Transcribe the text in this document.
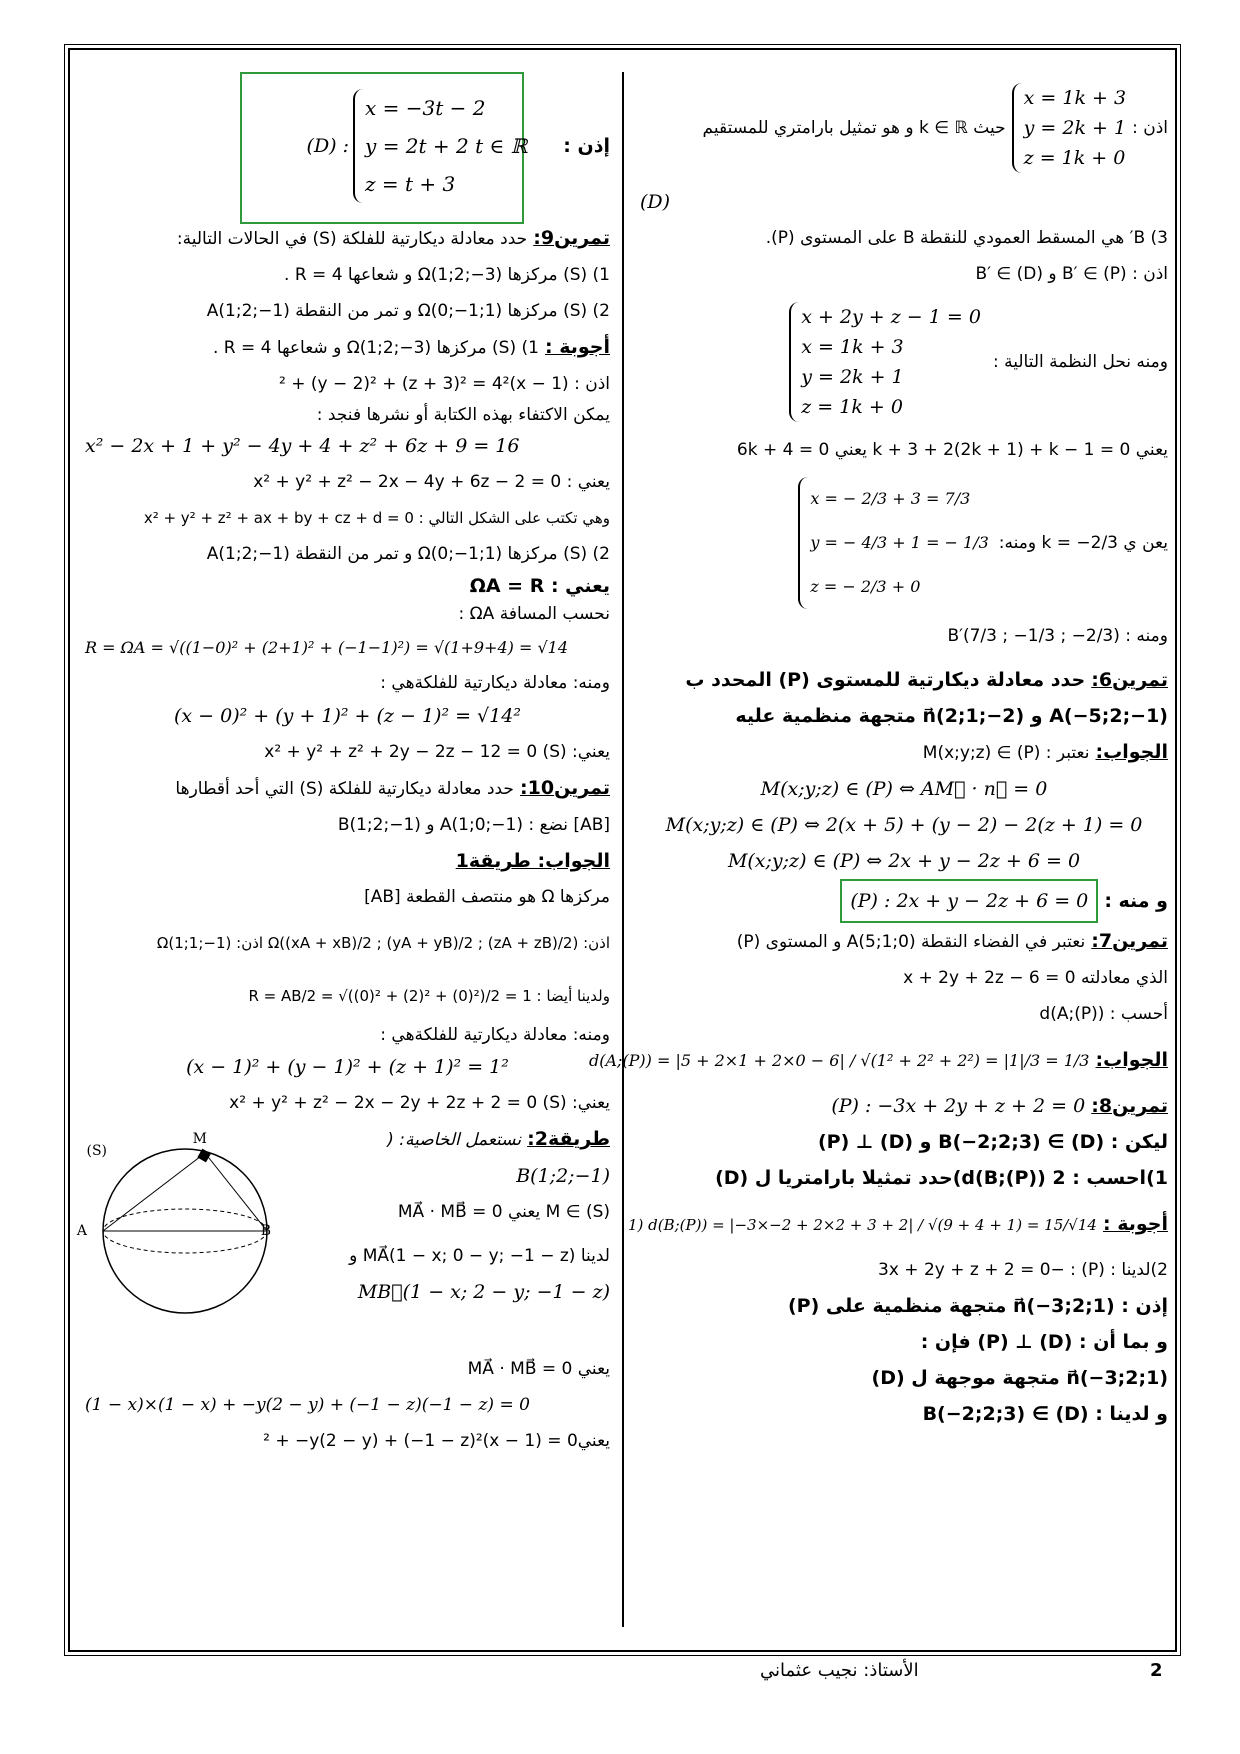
اذن :
x = 1k + 3
y = 2k + 1
z = 1k + 0
حيث k ∈ ℝ و هو تمثيل بارامتري للمستقيم
(D)
3) B′ هي المسقط العمودي للنقطة B على المستوى (P).
اذن : B′ ∈ (P) و B′ ∈ (D)
ومنه نحل النظمة التالية :
x + 2y + z − 1 = 0
x = 1k + 3
y = 2k + 1
z = 1k + 0
يعني k + 3 + 2(2k + 1) + k − 1 = 0 يعني 6k + 4 = 0
يعن ي k = −2/3 ومنه:
x = − 2/3 + 3 = 7/3
y = − 4/3 + 1 = − 1/3
z = − 2/3 + 0
ومنه : B′(7/3 ; −1/3 ; −2/3)
تمرين6: حدد معادلة ديكارتية للمستوى (P) المحدد ب
A(−5;2;−1) و n⃗(2;1;−2) متجهة منظمية عليه
الجواب: نعتبر : M(x;y;z) ∈ (P)
M(x;y;z) ∈ (P) ⇔ AM⃗ · n⃗ = 0
M(x;y;z) ∈ (P) ⇔ 2(x + 5) + (y − 2) − 2(z + 1) = 0
M(x;y;z) ∈ (P) ⇔ 2x + y − 2z + 6 = 0
و منه : (P) : 2x + y − 2z + 6 = 0
تمرين7: نعتبر في الفضاء النقطة A(5;1;0) و المستوى (P)
الذي معادلته x + 2y + 2z − 6 = 0
أحسب : d(A;(P))
الجواب: d(A;(P)) = |5 + 2×1 + 2×0 − 6| / √(1² + 2² + 2²) = |1|/3 = 1/3
تمرين8: (P) : −3x + 2y + z + 2 = 0
ليكن : B(−2;2;3) ∈ (D) و (D) ⊥ (P)
1)احسب : d(B;(P)) 2)حدد تمثيلا بارامتريا ل (D)
أجوبة : 1) d(B;(P)) = |−3×−2 + 2×2 + 3 + 2| / √(9 + 4 + 1) = 15/√14
2)لدينا : (P) : −3x + 2y + z + 2 = 0
إذن : n⃗(−3;2;1) متجهة منظمية على (P)
و بما أن : (D) ⊥ (P) فإن :
n⃗(−3;2;1) متجهة موجهة ل (D)
و لدينا : B(−2;2;3) ∈ (D)
إذن :
x = −3t − 2
y = 2t + 2 t ∈ ℝ
z = t + 3
(D) :
تمرين9: حدد معادلة ديكارتية للفلكة (S) في الحالات التالية:
1) (S) مركزها Ω(1;2;−3) و شعاعها R = 4 .
2) (S) مركزها Ω(0;−1;1) و تمر من النقطة A(1;2;−1)
أجوبة : 1) (S) مركزها Ω(1;2;−3) و شعاعها R = 4 .
اذن : (x − 1)² + (y − 2)² + (z + 3)² = 4²
يمكن الاكتفاء بهذه الكتابة أو نشرها فنجد :
x² − 2x + 1 + y² − 4y + 4 + z² + 6z + 9 = 16
يعني : x² + y² + z² − 2x − 4y + 6z − 2 = 0
وهي تكتب على الشكل التالي : x² + y² + z² + ax + by + cz + d = 0
2) (S) مركزها Ω(0;−1;1) و تمر من النقطة A(1;2;−1)
يعني : ΩA = R
نحسب المسافة ΩA :
R = ΩA = √((1−0)² + (2+1)² + (−1−1)²) = √(1+9+4) = √14
ومنه: معادلة ديكارتية للفلكةهي :
(x − 0)² + (y + 1)² + (z − 1)² = √14²
يعني: (S) x² + y² + z² + 2y − 2z − 12 = 0
تمرين10: حدد معادلة ديكارتية للفلكة (S) التي أحد أقطارها
[AB] نضع : A(1;0;−1) و B(1;2;−1)
الجواب: طريقة1
مركزها Ω هو منتصف القطعة [AB]
اذن: Ω((xA + xB)/2 ; (yA + yB)/2 ; (zA + zB)/2) اذن: Ω(1;1;−1)
ولدينا أيضا : R = AB/2 = √((0)² + (2)² + (0)²)/2 = 1
ومنه: معادلة ديكارتية للفلكةهي :
(x − 1)² + (y − 1)² + (z + 1)² = 1²
يعني: (S) x² + y² + z² − 2x − 2y + 2z + 2 = 0
(S)
M
A	B
طريقة2: نستعمل الخاصية: (
B(1;2;−1)
M ∈ (S) يعني MA⃗ · MB⃗ = 0
لدينا MA⃗(1 − x; 0 − y; −1 − z) و
MB⃗(1 − x; 2 − y; −1 − z)
يعني MA⃗ · MB⃗ = 0
(1 − x)×(1 − x) + −y(2 − y) + (−1 − z)(−1 − z) = 0
يعني0 = (1 − x)² + −y(2 − y) + (−1 − z)²
2
الأستاذ: نجيب عثماني
